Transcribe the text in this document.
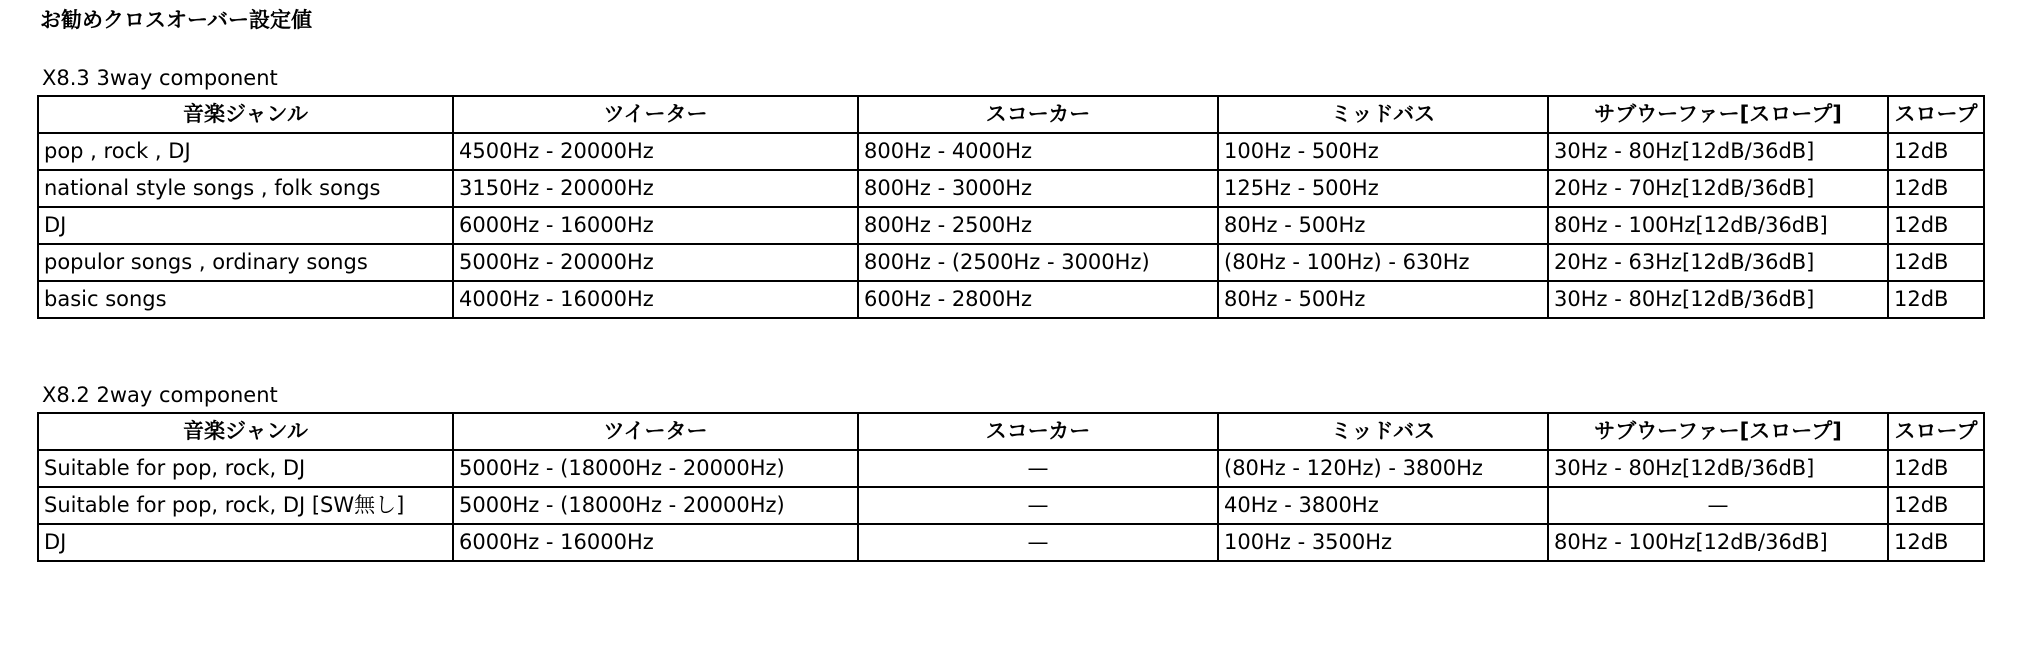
お勧めクロスオーバー設定値
X8.3 3way component
音楽ジャンル	ツイーター	スコーカー	ミッドバス	サブウーファー[スロープ]	スロープ
pop , rock , DJ	4500Hz - 20000Hz	800Hz - 4000Hz	100Hz - 500Hz	30Hz - 80Hz[12dB/36dB]	12dB
national style songs , folk songs	3150Hz - 20000Hz	800Hz - 3000Hz	125Hz - 500Hz	20Hz - 70Hz[12dB/36dB]	12dB
DJ	6000Hz - 16000Hz	800Hz - 2500Hz	80Hz - 500Hz	80Hz - 100Hz[12dB/36dB]	12dB
populor songs , ordinary songs	5000Hz - 20000Hz	800Hz - (2500Hz - 3000Hz)	(80Hz - 100Hz) - 630Hz	20Hz - 63Hz[12dB/36dB]	12dB
basic songs	4000Hz - 16000Hz	600Hz - 2800Hz	80Hz - 500Hz	30Hz - 80Hz[12dB/36dB]	12dB
X8.2 2way component
音楽ジャンル	ツイーター	スコーカー	ミッドバス	サブウーファー[スロープ]	スロープ
Suitable for pop, rock, DJ	5000Hz - (18000Hz - 20000Hz)	—	(80Hz - 120Hz) - 3800Hz	30Hz - 80Hz[12dB/36dB]	12dB
Suitable for pop, rock, DJ [SW無し]	5000Hz - (18000Hz - 20000Hz)	—	40Hz - 3800Hz	—	12dB
DJ	6000Hz - 16000Hz	—	100Hz - 3500Hz	80Hz - 100Hz[12dB/36dB]	12dB
